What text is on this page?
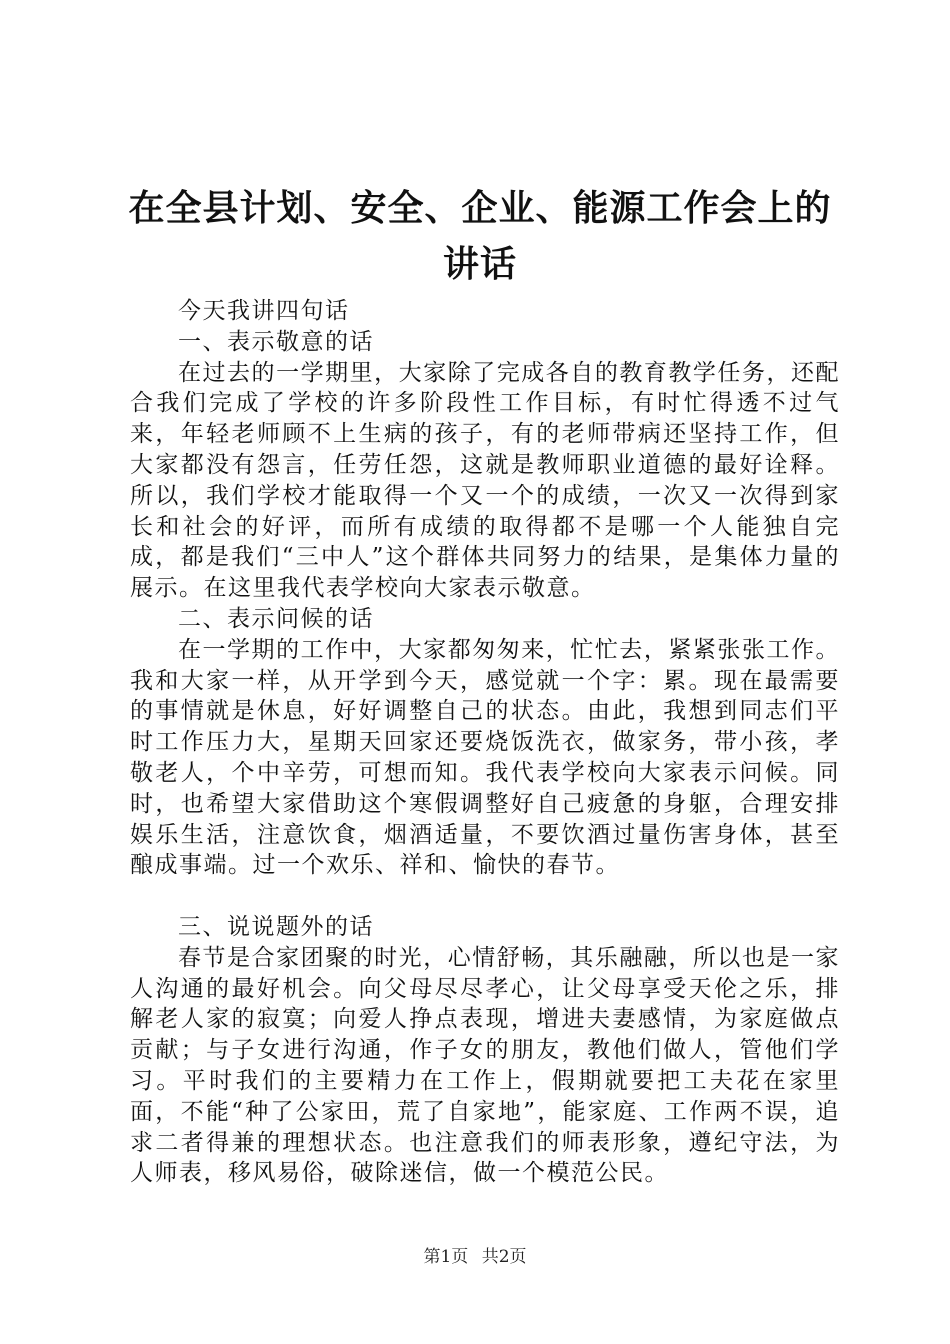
在全县计划、安全、企业、能源工作会上的讲话

今天我讲四句话

一、表示敬意的话

在过去的一学期里，大家除了完成各自的教育教学任务，还配合我们完成了学校的许多阶段性工作目标，有时忙得透不过气来，年轻老师顾不上生病的孩子，有的老师带病还坚持工作，但大家都没有怨言，任劳任怨，这就是教师职业道德的最好诠释。所以，我们学校才能取得一个又一个的成绩，一次又一次得到家长和社会的好评，而所有成绩的取得都不是哪一个人能独自完成，都是我们“三中人”这个群体共同努力的结果，是集体力量的展示。在这里我代表学校向大家表示敬意。

二、表示问候的话

在一学期的工作中，大家都匆匆来，忙忙去，紧紧张张工作。我和大家一样，从开学到今天，感觉就一个字：累。现在最需要的事情就是休息，好好调整自己的状态。由此，我想到同志们平时工作压力大，星期天回家还要烧饭洗衣，做家务，带小孩，孝敬老人，个中辛劳，可想而知。我代表学校向大家表示问候。同时，也希望大家借助这个寒假调整好自己疲惫的身躯，合理安排娱乐生活，注意饮食，烟酒适量，不要饮酒过量伤害身体，甚至酿成事端。过一个欢乐、祥和、愉快的春节。

三、说说题外的话

春节是合家团聚的时光，心情舒畅，其乐融融，所以也是一家人沟通的最好机会。向父母尽尽孝心，让父母享受天伦之乐，排解老人家的寂寞；向爱人挣点表现，增进夫妻感情，为家庭做点贡献；与子女进行沟通，作子女的朋友，教他们做人，管他们学习。平时我们的主要精力在工作上，假期就要把工夫花在家里面，不能“种了公家田，荒了自家地”，能家庭、工作两不误，追求二者得兼的理想状态。也注意我们的师表形象，遵纪守法，为人师表，移风易俗，破除迷信，做一个模范公民。

第1页 共2页
